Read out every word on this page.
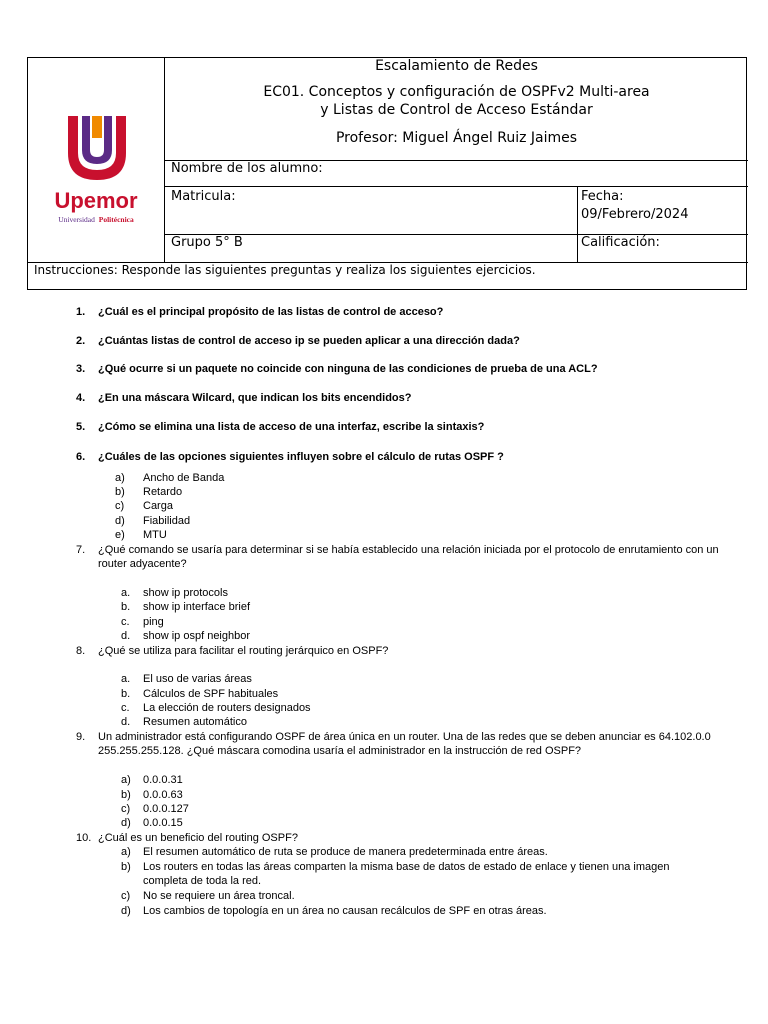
Upemor
Universidad Politécnica
Escalamiento de Redes
EC01. Conceptos y configuración de OSPFv2 Multi-area
y Listas de Control de Acceso Estándar
Profesor: Miguel Ángel Ruiz Jaimes
Nombre de los alumno:
Matricula:	Fecha:
09/Febrero/2024
Grupo 5° B	Calificación:
Instrucciones: Responde las siguientes preguntas y realiza los siguientes ejercicios.
1.	¿Cuál es el principal propósito de las listas de control de acceso?
2.	¿Cuántas listas de control de acceso ip se pueden aplicar a una dirección dada?
3.	¿Qué ocurre si un paquete no coincide con ninguna de las condiciones de prueba de una ACL?
4.	¿En una máscara Wilcard, que indican los bits encendidos?
5.	¿Cómo se elimina una lista de acceso de una interfaz, escribe la sintaxis?
6.	¿Cuáles de las opciones siguientes influyen sobre el cálculo de rutas OSPF ?
a) Ancho de Banda
b) Retardo
c) Carga
d) Fiabilidad
e) MTU
7.	¿Qué comando se usaría para determinar si se había establecido una relación iniciada por el protocolo de enrutamiento con un router adyacente?
a. show ip protocols
b. show ip interface brief
c. ping
d. show ip ospf neighbor
8.	¿Qué se utiliza para facilitar el routing jerárquico en OSPF?
a. El uso de varias áreas
b. Cálculos de SPF habituales
c. La elección de routers designados
d. Resumen automático
9.	Un administrador está configurando OSPF de área única en un router. Una de las redes que se deben anunciar es 64.102.0.0 255.255.255.128. ¿Qué máscara comodina usaría el administrador en la instrucción de red OSPF?
a) 0.0.0.31
b) 0.0.0.63
c) 0.0.0.127
d) 0.0.0.15
10. ¿Cuál es un beneficio del routing OSPF?
a) El resumen automático de ruta se produce de manera predeterminada entre áreas.
b) Los routers en todas las áreas comparten la misma base de datos de estado de enlace y tienen una imagen completa de toda la red.
c) No se requiere un área troncal.
d) Los cambios de topología en un área no causan recálculos de SPF en otras áreas.
